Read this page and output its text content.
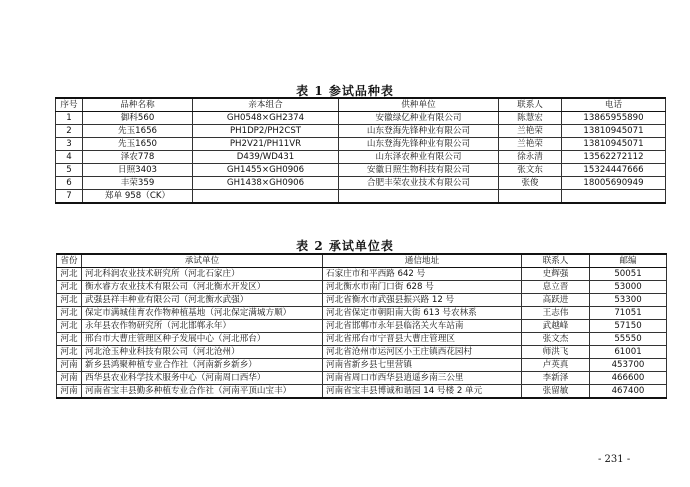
表 1 参试品种表
序号	品种名称	亲本组合	供种单位	联系人	电话
1	御科560	GH0548×GH2374	安徽绿亿种业有限公司	陈慧宏	13865955890
2	先玉1656	PH1DP2/PH2CST	山东登海先锋种业有限公司	兰艳荣	13810945071
3	先玉1650	PH2V21/PH11VR	山东登海先锋种业有限公司	兰艳荣	13810945071
4	泽农778	D439/WD431	山东泽农种业有限公司	徐永清	13562272112
5	日照3403	GH1455×GH0906	安徽日照生物科技有限公司	张文东	15324447666
6	丰荣359	GH1438×GH0906	合肥丰荣农业技术有限公司	张俊	18005690949
7	郑单 958（CK）				
表 2 承试单位表
省份	承试单位	通信地址	联系人	邮编
河北	河北科润农业技术研究所（河北石家庄）	石家庄市和平西路 642 号	史辉强	50051
河北	衡水睿方农业技术有限公司（河北衡水开发区）	河北衡水市南门口街 628 号	息立晋	53000
河北	武强县祥丰种业有限公司（河北衡水武强）	河北省衡水市武强县振兴路 12 号	高跃进	53300
河北	保定市满城佳育农作物种植基地（河北保定满城方顺）	河北省保定市朝阳南大街 613 号农林系	王志伟	71051
河北	永年县农作物研究所（河北邯郸永年）	河北省邯郸市永年县临洺关火车站南	武越峰	57150
河北	邢台市大曹庄管理区种子发展中心（河北邢台）	河北省邢台市宁晋县大曹庄管理区	张文杰	55550
河北	河北沧玉种业科技有限公司（河北沧州）	河北省沧州市运河区小王庄镇西花园村	师洪飞	61001
河南	新乡县鸿聚种植专业合作社（河南新乡新乡）	河南省新乡县七里营镇	卢英真	453700
河南	西华县农业科学技术服务中心（河南周口西华）	河南省周口市西华县逍遥乡南三公里	李新泽	466600
河南	河南省宝丰县勤多种植专业合作社（河南平顶山宝丰）	河南省宝丰县博诚和谐园 14 号楼 2 单元	张留敏	467400
- 231 -
